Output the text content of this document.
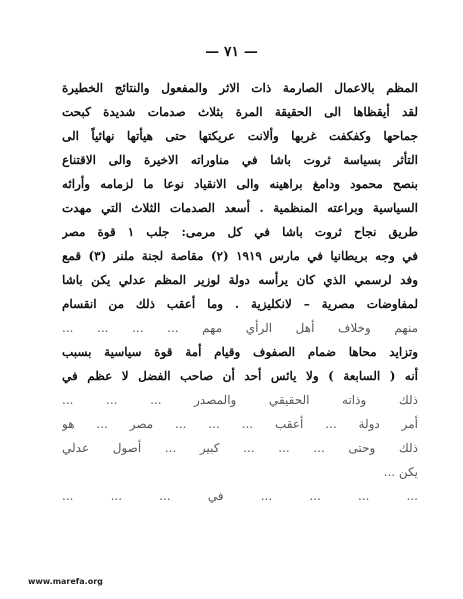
— ٧١ —
المظم بالاعمال الصارمة ذات الاثر والمفعول والنتائج الخطيرة
لقد أيقظاها الى الحقيقة المرة بثلاث صدمات شديدة كبحت
جماحها وكفكفت غربها وألانت عريكتها حتى هيأتها نهائياً الى
التأثر بسياسة ثروت باشا في مناوراته الاخيرة والى الاقتناع
بنصح محمود ودامغ براهينه والى الانقياد نوعا ما لزمامه وأرائه
السياسية وبراعته المنظمية . أسعد الصدمات الثلاث التي مهدت
طريق نجاح ثروت باشا في كل مرمى: جلب ١ قوة مصر
في وجه بريطانيا في مارس ١٩١٩ (٢) مقاصة لجنة ملنر (٣) قمع
وفد لرسمي الذي كان يرأسه دولة لوزير المظم عدلي يكن باشا
لمفاوضات مصرية – لانكليزية . وما أعقب ذلك من انقسام
منهم وخلاف أهل الرأي مهم ... ... ... ...
وتزايد محاها ضمام الصفوف وقيام أمة قوة سياسية بسبب
أنه ( السابعة ) ولا يائس أحد أن صاحب الفضل لا عظم في
ذلك وذاته الحقيقي والمصدر ... ... ...
أمر دولة ... أعقب ... ... ... مصر ... هو
ذلك وحتى ... ... ... كبير ... أصول عدلي
يكن ...
... ... ... ... في ... ... ...
www.marefa.org
